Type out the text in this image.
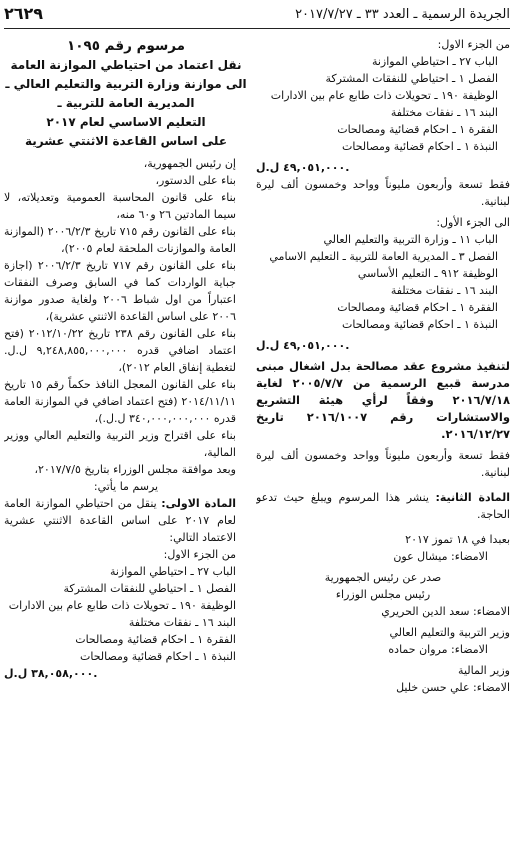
الجريدة الرسمية ـ العدد ٣٣ ـ ٢٠١٧/٧/٢٧
٢٦٢٩
من الجزء الاول:
الباب ٢٧ ـ احتياطي الموازنة
الفصل ١ ـ احتياطي للنفقات المشتركة
الوظيفة ١٩٠ ـ تحويلات ذات طابع عام بين الادارات
البند ١٦ ـ نفقات مختلفة
الفقرة ١ ـ احكام قضائية ومصالحات
النبذة ١ ـ احكام قضائية ومصالحات
٤٩,٠٥١,٠٠٠ ل.ل.
فقط تسعة وأربعون مليوناً وواحد وخمسون ألف ليرة لبنانية.
الى الجزء الأول:
الباب ١١ ـ وزارة التربية والتعليم العالي
الفصل ٣ ـ المديرية العامة للتربية ـ التعليم الاسامي
الوظيفة ٩١٢ ـ التعليم الأساسي
البند ١٦ ـ نفقات مختلفة
الفقرة ١ ـ احكام قضائية ومصالحات
النبذة ١ ـ احكام قضائية ومصالحات
٤٩,٠٥١,٠٠٠ ل.ل.
لتنفيذ مشروع عقد مصالحة بدل اشغال مبنى مدرسة قبيع الرسمية من ٢٠٠٥/٧/٧ لغاية ٢٠١٦/٧/١٨ وفقاً لرأي هيئة التشريع والاستشارات رقم ٢٠١٦/١٠٠٧ تاريخ ٢٠١٦/١٢/٢٧.
فقط تسعة وأربعون مليوناً وواحد وخمسون ألف ليرة لبنانية.
المادة الثانية: ينشر هذا المرسوم ويبلغ حيث تدعو الحاجة.
بعبدا في ١٨ تموز ٢٠١٧
الامضاء: ميشال عون
صدر عن رئيس الجمهورية
رئيس مجلس الوزراء
الامضاء: سعد الدين الحريري
وزير التربية والتعليم العالي
الامضاء: مروان حماده
وزير المالية
الامضاء: علي حسن خليل
مرسوم رقم ١٠٩٥
نقل اعتماد من احتياطي الموازنة العامة
الى موازنة وزارة التربية والتعليم العالي ـ
المديرية العامة للتربية ـ
التعليم الاساسي لعام ٢٠١٧
على اساس القاعدة الاثنتي عشرية
إن رئيس الجمهورية،
بناء على الدستور،
بناء على قانون المحاسبة العمومية وتعديلاته، لا سيما المادتين ٢٦ و٦٠ منه،
بناء على القانون رقم ٧١٥ تاريخ ٢٠٠٦/٢/٣ (الموازنة العامة والموازنات الملحقة لعام ٢٠٠٥)،
بناء على القانون رقم ٧١٧ تاريخ ٢٠٠٦/٢/٣ (اجازة جباية الواردات كما في السابق وصرف النفقات اعتباراً من اول شباط ٢٠٠٦ ولغاية صدور موازنة ٢٠٠٦ على اساس القاعدة الاثنتي عشرية)،
بناء على القانون رقم ٢٣٨ تاريخ ٢٠١٢/١٠/٢٢ (فتح اعتماد اضافي قدره ٩,٢٤٨,٨٥٥,٠٠٠,٠٠٠ ل.ل. لتغطية إنفاق العام ٢٠١٢)،
بناء على القانون المعجل النافذ حكماً رقم ١٥ تاريخ ٢٠١٤/١١/١١ (فتح اعتماد اضافي في الموازنة العامة قدره ٣٤٠,٠٠٠,٠٠٠,٠٠٠ ل.ل.)،
بناء على اقتراح وزير التربية والتعليم العالي ووزير المالية،
وبعد موافقة مجلس الوزراء بتاريخ ٢٠١٧/٧/٥،
يرسم ما يأتي:
المادة الاولى: ينقل من احتياطي الموازنة العامة لعام ٢٠١٧ على اساس القاعدة الاثنتي عشرية الاعتماد التالي:
من الجزء الاول:
الباب ٢٧ ـ احتياطي الموازنة
الفصل ١ ـ احتياطي للنفقات المشتركة
الوظيفة ١٩٠ ـ تحويلات ذات طابع عام بين الادارات
البند ١٦ ـ نفقات مختلفة
الفقرة ١ ـ احكام قضائية ومصالحات
النبذة ١ ـ احكام قضائية ومصالحات
٣٨,٠٥٨,٠٠٠ ل.ل.
